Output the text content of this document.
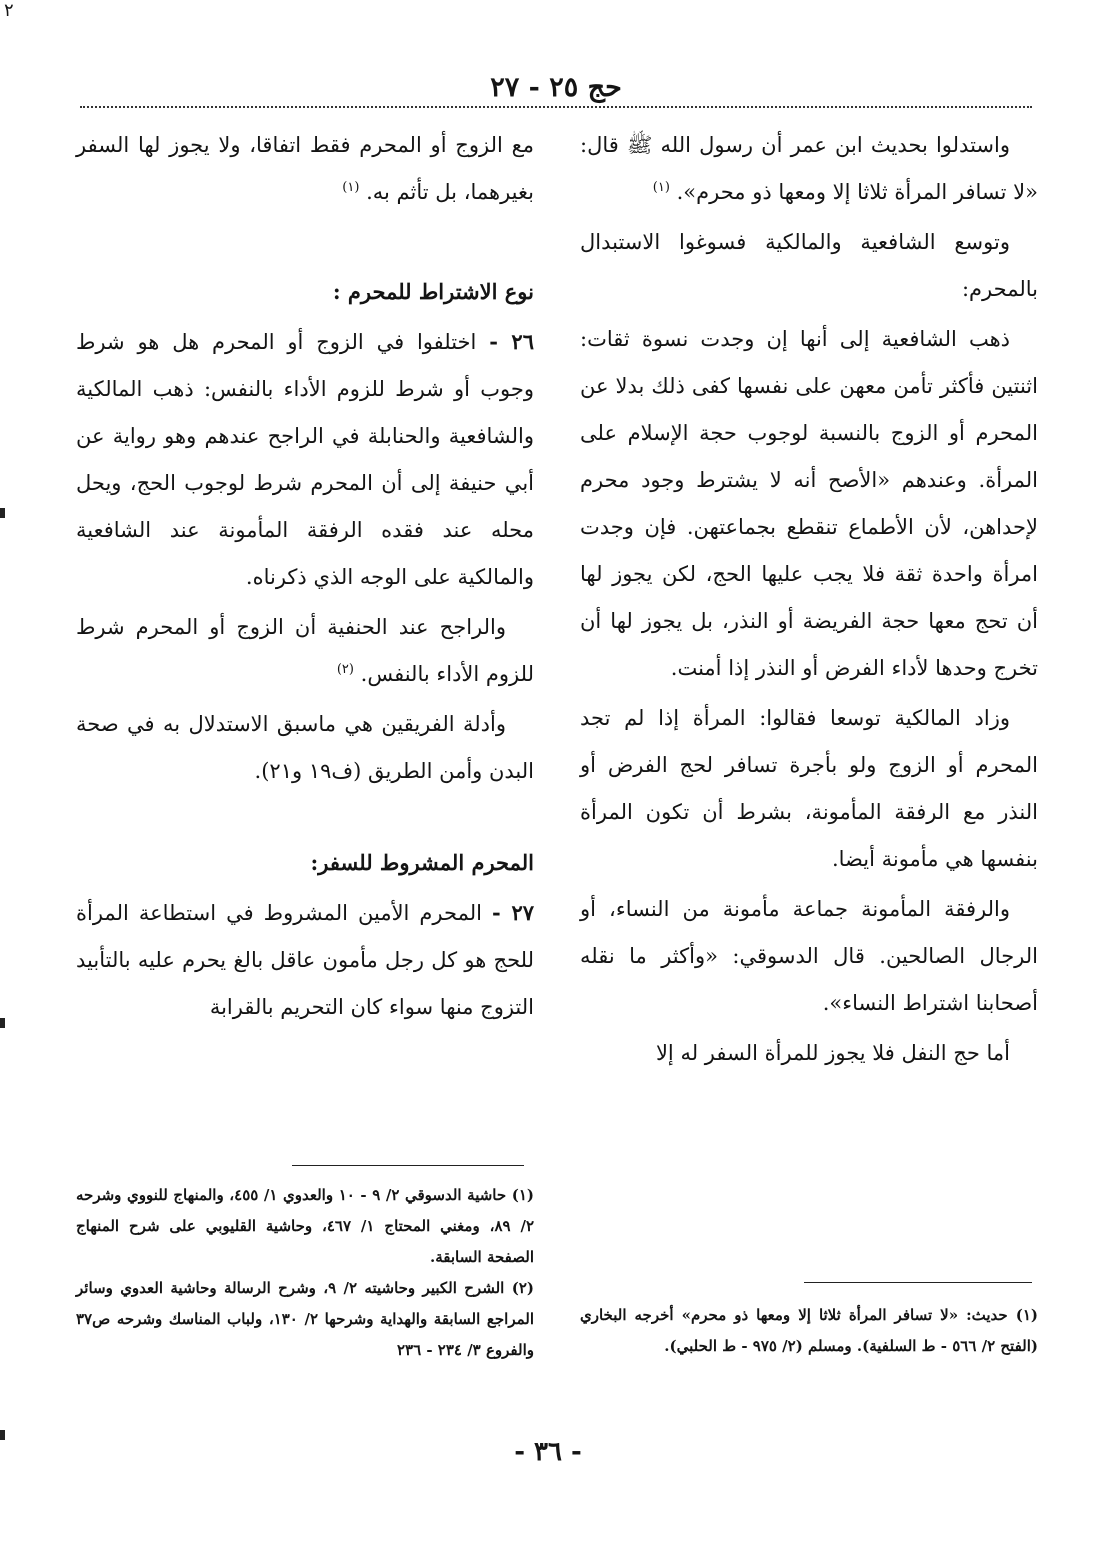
٢
حج ٢٥ - ٢٧

واستدلوا بحديث ابن عمر أن رسول الله ﷺ قال: «لا تسافر المرأة ثلاثا إلا ومعها ذو محرم». $^{(١)}$

وتوسع الشافعية والمالكية فسوغوا الاستبدال بالمحرم:

ذهب الشافعية إلى أنها إن وجدت نسوة ثقات: اثنتين فأكثر تأمن معهن على نفسها كفى ذلك بدلا عن المحرم أو الزوج بالنسبة لوجوب حجة الإسلام على المرأة. وعندهم «الأصح أنه لا يشترط وجود محرم لإحداهن، لأن الأطماع تنقطع بجماعتهن. فإن وجدت امرأة واحدة ثقة فلا يجب عليها الحج، لكن يجوز لها أن تحج معها حجة الفريضة أو النذر، بل يجوز لها أن تخرج وحدها لأداء الفرض أو النذر إذا أمنت.

وزاد المالكية توسعا فقالوا: المرأة إذا لم تجد المحرم أو الزوج ولو بأجرة تسافر لحج الفرض أو النذر مع الرفقة المأمونة، بشرط أن تكون المرأة بنفسها هي مأمونة أيضا.

والرفقة المأمونة جماعة مأمونة من النساء، أو الرجال الصالحين. قال الدسوقي: «وأكثر ما نقله أصحابنا اشتراط النساء».

أما حج النفل فلا يجوز للمرأة السفر له إلا

مع الزوج أو المحرم فقط اتفاقا، ولا يجوز لها السفر بغيرهما، بل تأثم به. $^{(١)}$

نوع الاشتراط للمحرم :

٢٦ - اختلفوا في الزوج أو المحرم هل هو شرط وجوب أو شرط للزوم الأداء بالنفس: ذهب المالكية والشافعية والحنابلة في الراجح عندهم وهو رواية عن أبي حنيفة إلى أن المحرم شرط لوجوب الحج، ويحل محله عند فقده الرفقة المأمونة عند الشافعية والمالكية على الوجه الذي ذكرناه.

والراجح عند الحنفية أن الزوج أو المحرم شرط للزوم الأداء بالنفس. $^{(٢)}$

وأدلة الفريقين هي ماسبق الاستدلال به في صحة البدن وأمن الطريق (ف١٩ و٢١).

المحرم المشروط للسفر:

٢٧ - المحرم الأمين المشروط في استطاعة المرأة للحج هو كل رجل مأمون عاقل بالغ يحرم عليه بالتأبيد التزوج منها سواء كان التحريم بالقرابة

(١) حاشية الدسوقي ٢/ ٩ - ١٠ والعدوي ١/ ٤٥٥، والمنهاج للنووي وشرحه ٢/ ٨٩، ومغني المحتاج ١/ ٤٦٧، وحاشية القليوبي على شرح المنهاج الصفحة السابقة.

(٢) الشرح الكبير وحاشيته ٢/ ٩، وشرح الرسالة وحاشية العدوي وسائر المراجع السابقة والهداية وشرحها ٢/ ١٣٠، ولباب المناسك وشرحه ص٣٧ والفروع ٣/ ٢٣٤ - ٢٣٦

(١) حديث: «لا تسافر المرأة ثلاثا إلا ومعها ذو محرم» أخرجه البخاري (الفتح ٢/ ٥٦٦ - ط السلفية). ومسلم (٢/ ٩٧٥ - ط الحلبي).

- ٣٦ -
